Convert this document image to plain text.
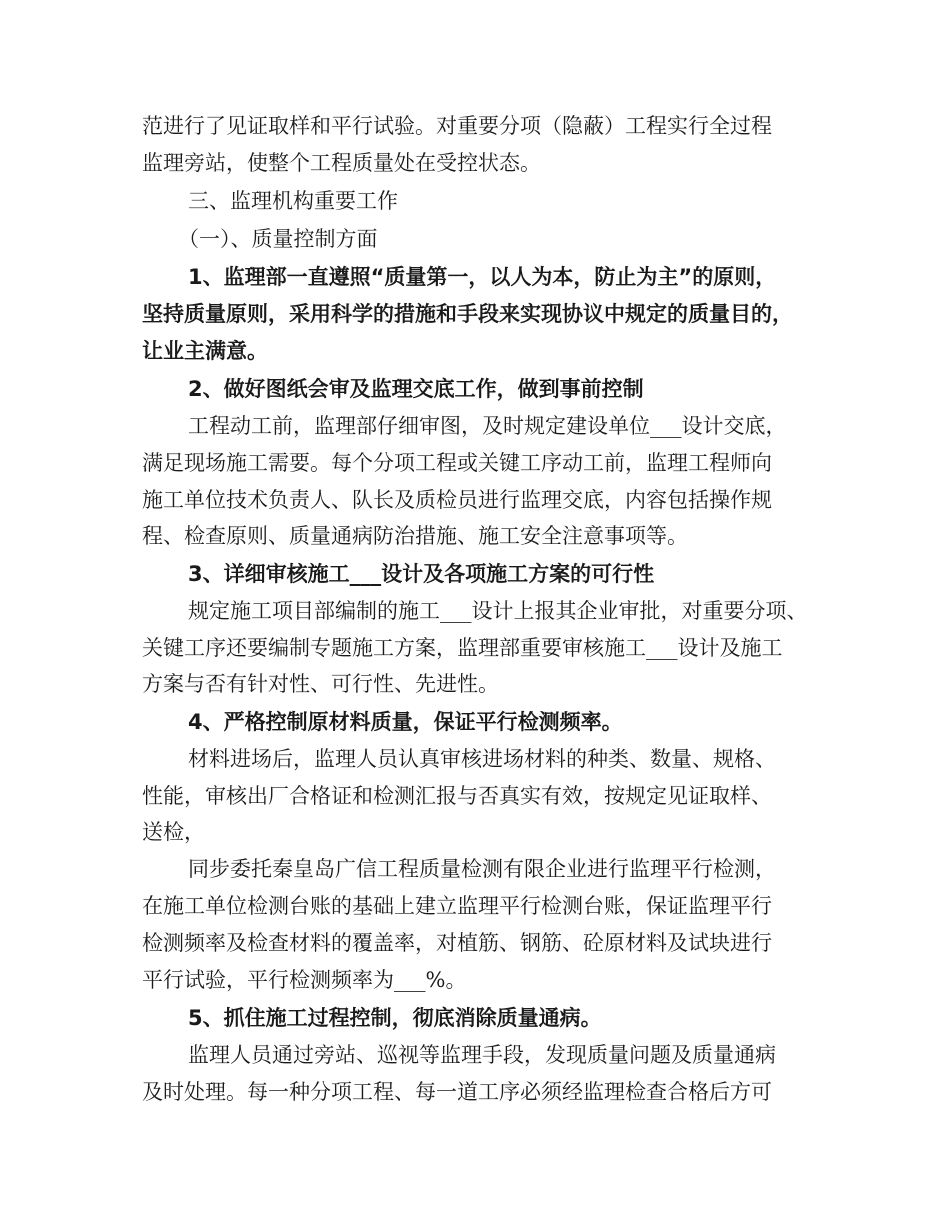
范进行了见证取样和平行试验。对重要分项（隐蔽）工程实行全过程
监理旁站，使整个工程质量处在受控状态。
三、监理机构重要工作
（一）、质量控制方面
1、监理部一直遵照“质量第一，以人为本，防止为主”的原则，
坚持质量原则，采用科学的措施和手段来实现协议中规定的质量目的，
让业主满意。
2、做好图纸会审及监理交底工作，做到事前控制
工程动工前，监理部仔细审图，及时规定建设单位___设计交底，
满足现场施工需要。每个分项工程或关键工序动工前，监理工程师向
施工单位技术负责人、队长及质检员进行监理交底，内容包括操作规
程、检查原则、质量通病防治措施、施工安全注意事项等。
3、详细审核施工___设计及各项施工方案的可行性
规定施工项目部编制的施工___设计上报其企业审批，对重要分项、
关键工序还要编制专题施工方案，监理部重要审核施工___设计及施工
方案与否有针对性、可行性、先进性。
4、严格控制原材料质量，保证平行检测频率。
材料进场后，监理人员认真审核进场材料的种类、数量、规格、
性能，审核出厂合格证和检测汇报与否真实有效，按规定见证取样、
送检，
同步委托秦皇岛广信工程质量检测有限企业进行监理平行检测，
在施工单位检测台账的基础上建立监理平行检测台账，保证监理平行
检测频率及检查材料的覆盖率，对植筋、钢筋、砼原材料及试块进行
平行试验，平行检测频率为___%。
5、抓住施工过程控制，彻底消除质量通病。
监理人员通过旁站、巡视等监理手段，发现质量问题及质量通病
及时处理。每一种分项工程、每一道工序必须经监理检查合格后方可
